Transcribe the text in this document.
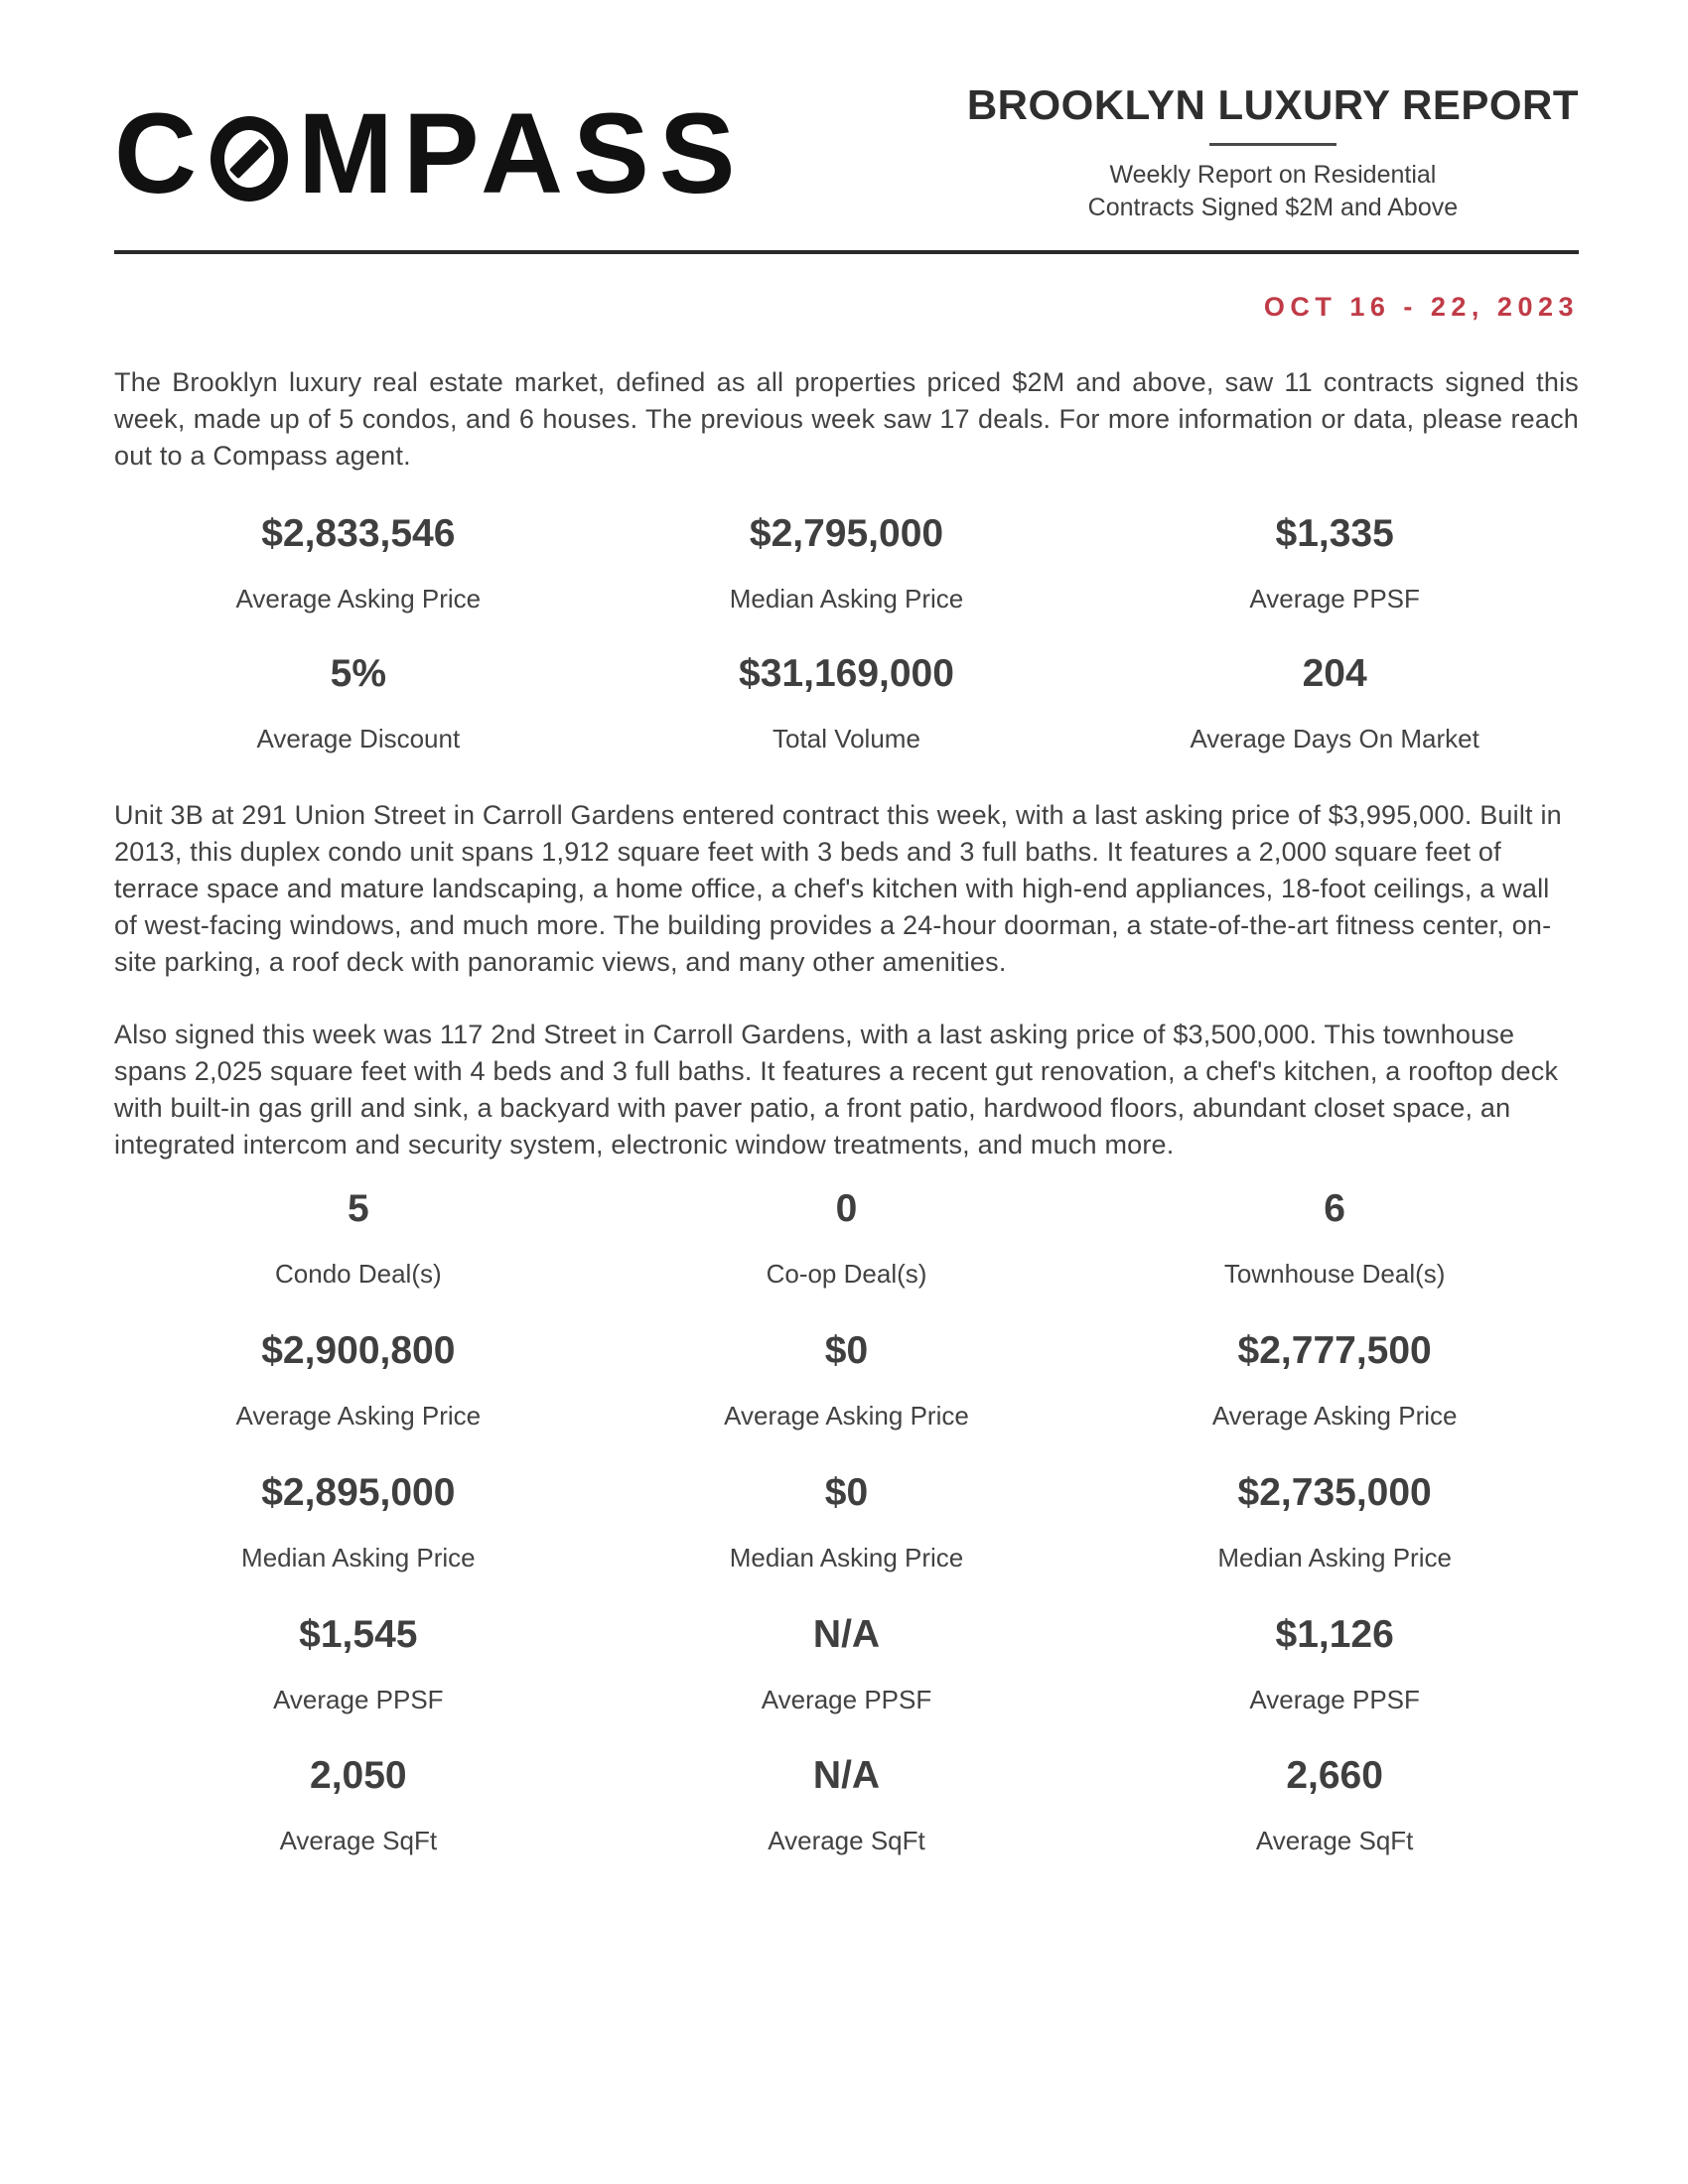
C MPASS	BROOKLYN LUXURY REPORT
Weekly Report on Residential
Contracts Signed $2M and Above
OCT 16 - 22, 2023

The Brooklyn luxury real estate market, defined as all properties priced $2M and above, saw 11 contracts signed this week, made up of 5 condos, and 6 houses. The previous week saw 17 deals. For more information or data, please reach out to a Compass agent.

$2,833,546
Average Asking Price
$2,795,000
Median Asking Price
$1,335
Average PPSF
5%
Average Discount
$31,169,000
Total Volume
204
Average Days On Market

Unit 3B at 291 Union Street in Carroll Gardens entered contract this week, with a last asking price of $3,995,000. Built in 2013, this duplex condo unit spans 1,912 square feet with 3 beds and 3 full baths. It features a 2,000 square feet of terrace space and mature landscaping, a home office, a chef's kitchen with high-end appliances, 18-foot ceilings, a wall of west-facing windows, and much more. The building provides a 24-hour doorman, a state-of-the-art fitness center, on-site parking, a roof deck with panoramic views, and many other amenities.

Also signed this week was 117 2nd Street in Carroll Gardens, with a last asking price of $3,500,000. This townhouse spans 2,025 square feet with 4 beds and 3 full baths. It features a recent gut renovation, a chef's kitchen, a rooftop deck with built-in gas grill and sink, a backyard with paver patio, a front patio, hardwood floors, abundant closet space, an integrated intercom and security system, electronic window treatments, and much more.

5
Condo Deal(s)
0
Co-op Deal(s)
6
Townhouse Deal(s)
$2,900,800
Average Asking Price
$0
Average Asking Price
$2,777,500
Average Asking Price
$2,895,000
Median Asking Price
$0
Median Asking Price
$2,735,000
Median Asking Price
$1,545
Average PPSF
N/A
Average PPSF
$1,126
Average PPSF
2,050
Average SqFt
N/A
Average SqFt
2,660
Average SqFt
